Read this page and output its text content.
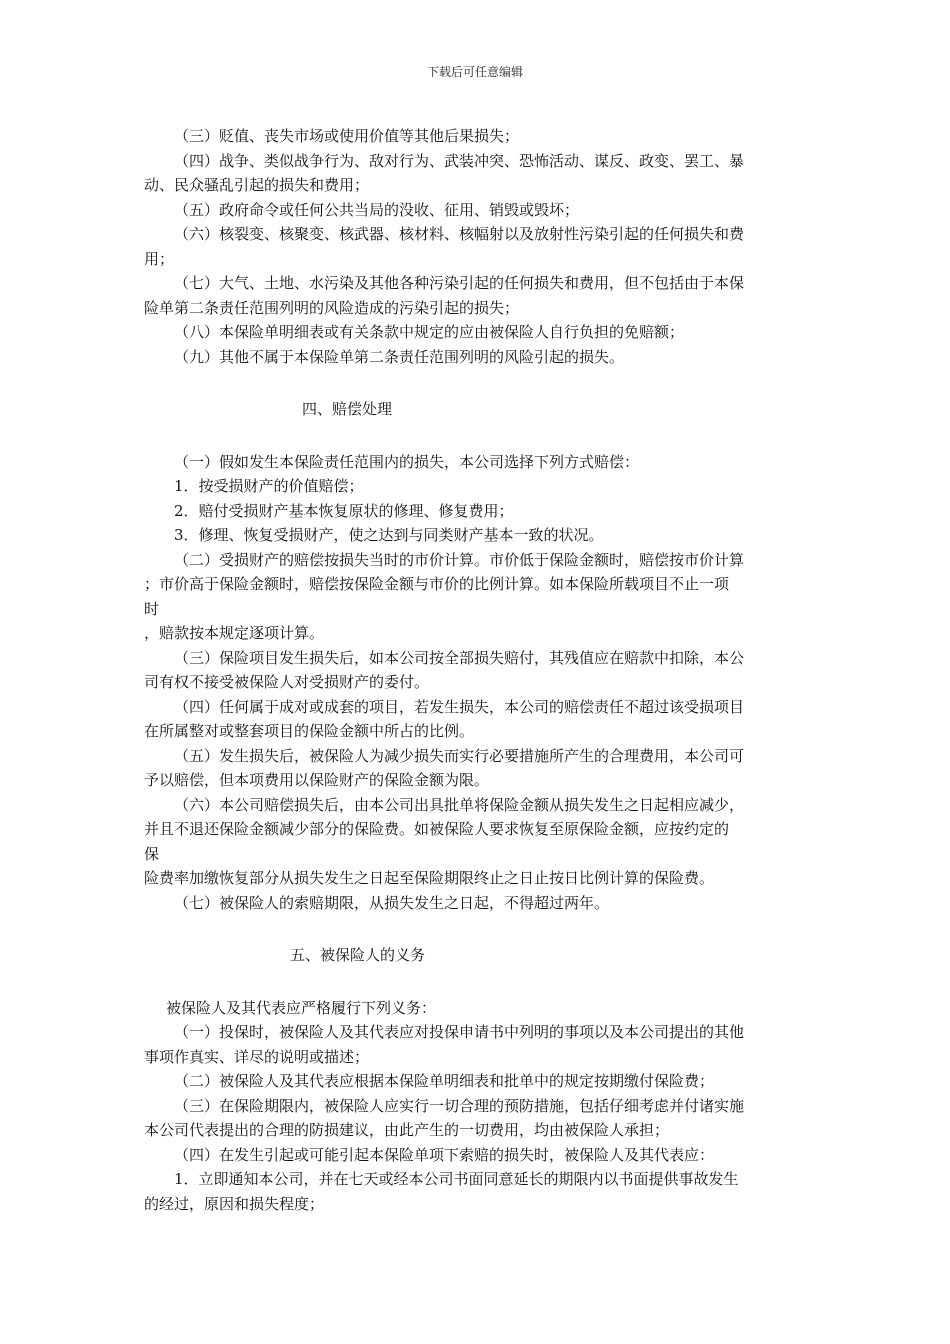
下载后可任意编辑
（三）贬值、丧失市场或使用价值等其他后果损失；
（四）战争、类似战争行为、敌对行为、武装冲突、恐怖活动、谋反、政变、罢工、暴
动、民众骚乱引起的损失和费用；
（五）政府命令或任何公共当局的没收、征用、销毁或毁坏；
（六）核裂变、核聚变、核武器、核材料、核幅射以及放射性污染引起的任何损失和费
用；
（七）大气、土地、水污染及其他各种污染引起的任何损失和费用，但不包括由于本保
险单第二条责任范围列明的风险造成的污染引起的损失；
（八）本保险单明细表或有关条款中规定的应由被保险人自行负担的免赔额；
（九）其他不属于本保险单第二条责任范围列明的风险引起的损失。
四、赔偿处理
（一）假如发生本保险责任范围内的损失，本公司选择下列方式赔偿：
1．按受损财产的价值赔偿；
2．赔付受损财产基本恢复原状的修理、修复费用；
3．修理、恢复受损财产，使之达到与同类财产基本一致的状况。
（二）受损财产的赔偿按损失当时的市价计算。市价低于保险金额时，赔偿按市价计算
；市价高于保险金额时，赔偿按保险金额与市价的比例计算。如本保险所载项目不止一项
时
，赔款按本规定逐项计算。
（三）保险项目发生损失后，如本公司按全部损失赔付，其残值应在赔款中扣除，本公
司有权不接受被保险人对受损财产的委付。
（四）任何属于成对或成套的项目，若发生损失，本公司的赔偿责任不超过该受损项目
在所属整对或整套项目的保险金额中所占的比例。
（五）发生损失后，被保险人为减少损失而实行必要措施所产生的合理费用，本公司可
予以赔偿，但本项费用以保险财产的保险金额为限。
（六）本公司赔偿损失后，由本公司出具批单将保险金额从损失发生之日起相应减少，
并且不退还保险金额减少部分的保险费。如被保险人要求恢复至原保险金额，应按约定的
保
险费率加缴恢复部分从损失发生之日起至保险期限终止之日止按日比例计算的保险费。
（七）被保险人的索赔期限，从损失发生之日起，不得超过两年。
五、被保险人的义务
被保险人及其代表应严格履行下列义务：
（一）投保时，被保险人及其代表应对投保申请书中列明的事项以及本公司提出的其他
事项作真实、详尽的说明或描述；
（二）被保险人及其代表应根据本保险单明细表和批单中的规定按期缴付保险费；
（三）在保险期限内，被保险人应实行一切合理的预防措施，包括仔细考虑并付诸实施
本公司代表提出的合理的防损建议，由此产生的一切费用，均由被保险人承担；
（四）在发生引起或可能引起本保险单项下索赔的损失时，被保险人及其代表应：
1．立即通知本公司，并在七天或经本公司书面同意延长的期限内以书面提供事故发生
的经过，原因和损失程度；
